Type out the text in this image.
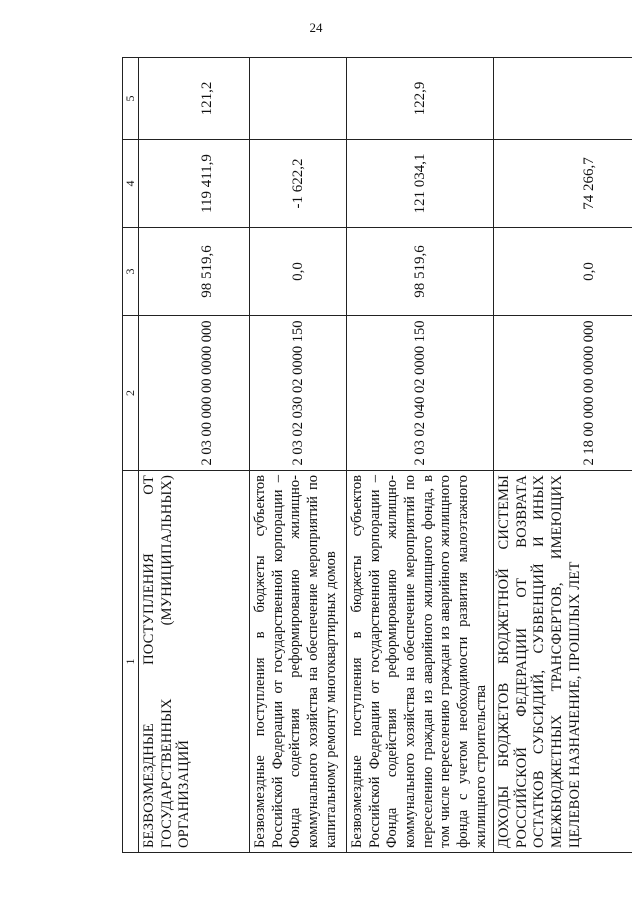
24
1	2	3	4	5
БЕЗВОЗМЕЗДНЫЕ ПОСТУПЛЕНИЯ ОТ ГОСУДАРСТВЕННЫХ (МУНИЦИПАЛЬНЫХ) ОРГАНИЗАЦИЙ	2 03 00 000 00 0000 000	98 519,6	119 411,9	121,2
Безвозмездные поступления в бюджеты субъектов Российской Федерации от государственной корпорации – Фонда содействия реформированию жилищно-коммунального хозяйства на обеспечение мероприятий по капитальному ремонту многоквартирных домов	2 03 02 030 02 0000 150	0,0	-1 622,2	
Безвозмездные поступления в бюджеты субъектов Российской Федерации от государственной корпорации – Фонда содействия реформированию жилищно-коммунального хозяйства на обеспечение мероприятий по переселению граждан из аварийного жилищного фонда, в том числе переселению граждан из аварийного жилищного фонда с учетом необходимости развития малоэтажного жилищного строительства	2 03 02 040 02 0000 150	98 519,6	121 034,1	122,9
ДОХОДЫ БЮДЖЕТОВ БЮДЖЕТНОЙ СИСТЕМЫ РОССИЙСКОЙ ФЕДЕРАЦИИ ОТ ВОЗВРАТА ОСТАТКОВ СУБСИДИЙ, СУБВЕНЦИЙ И ИНЫХ МЕЖБЮДЖЕТНЫХ ТРАНСФЕРТОВ, ИМЕЮЩИХ ЦЕЛЕВОЕ НАЗНАЧЕНИЕ, ПРОШЛЫХ ЛЕТ	2 18 00 000 00 0000 000	0,0	74 266,7	
